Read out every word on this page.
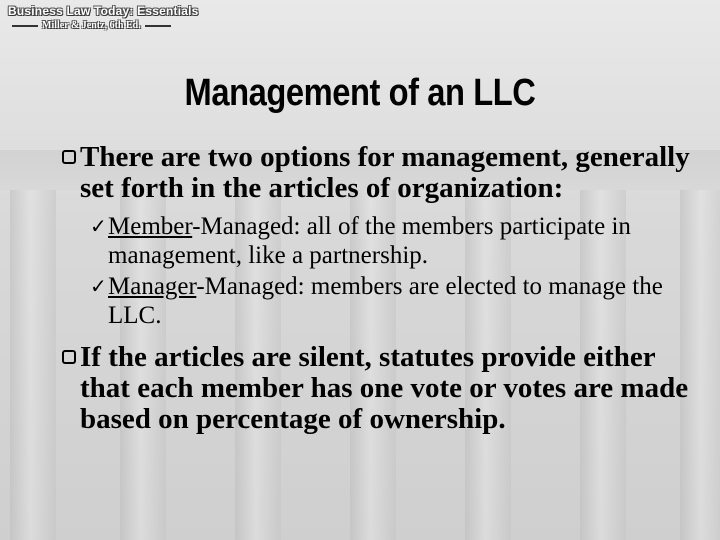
Business Law Today: Essentials
Miller & Jentz, 6th Ed.
Management of an LLC
There are two options for management, generally set forth in the articles of organization:
✓ Member-Managed: all of the members participate in management, like a partnership.
✓ Manager-Managed: members are elected to manage the LLC.
If the articles are silent, statutes provide either that each member has one vote or votes are made based on percentage of ownership.
